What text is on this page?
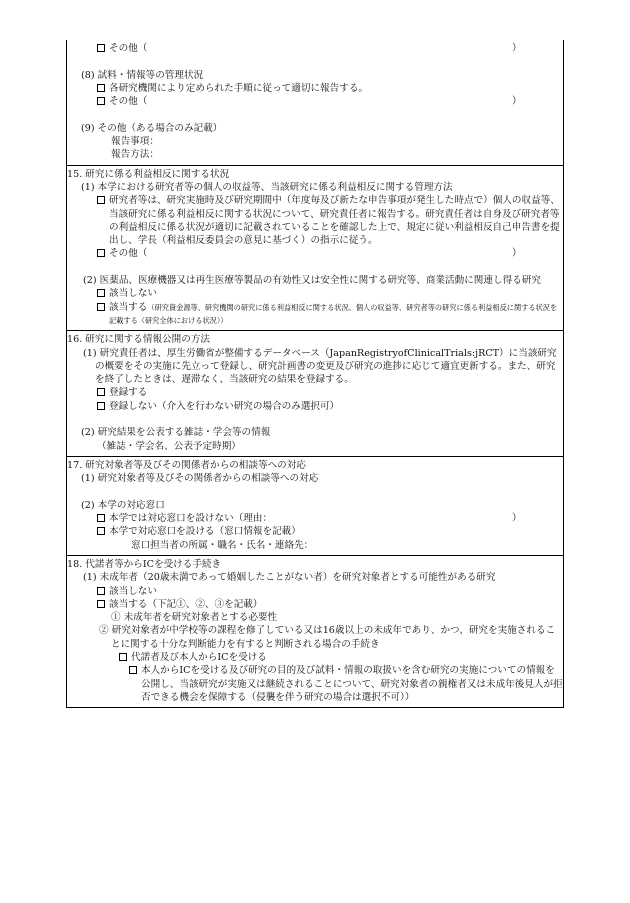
その他（	）
(8) 試料・情報等の管理状況
各研究機関により定められた手順に従って適切に報告する。
その他（	）
(9) その他（ある場合のみ記載）
報告事項：
報告方法：
15. 研究に係る利益相反に関する状況
(1) 本学における研究者等の個人の収益等、当該研究に係る利益相反に関する管理方法
研究者等は、研究実施時及び研究期間中（年度毎及び新たな申告事項が発生した時点で）個人の収益等、当該研究に係る利益相反に関する状況について、研究責任者に報告する。研究責任者は自身及び研究者等の利益相反に係る状況が適切に記載されていることを確認した上で、規定に従い利益相反自己申告書を提出し、学長（利益相反委員会の意見に基づく）の指示に従う。
その他（	）
(2) 医薬品、医療機器又は再生医療等製品の有効性又は安全性に関する研究等、商業活動に関連し得る研究
該当しない
該当する（研究資金源等、研究機関の研究に係る利益相反に関する状況、個人の収益等、研究者等の研究に係る利益相反に関する状況を記載する（研究全体における状況））
16. 研究に関する情報公開の方法
(1) 研究責任者は、厚生労働省が整備するデータベース（JapanRegistryofClinicalTrials:jRCT）に当該研究の概要をその実施に先立って登録し、研究計画書の変更及び研究の進捗に応じて適宜更新する。また、研究を終了したときは、遅滞なく、当該研究の結果を登録する。
登録する
登録しない（介入を行わない研究の場合のみ選択可）
(2) 研究結果を公表する雑誌・学会等の情報
（雑誌・学会名、公表予定時期）
17. 研究対象者等及びその関係者からの相談等への対応
(1) 研究対象者等及びその関係者からの相談等への対応
(2) 本学の対応窓口
本学では対応窓口を設けない（理由：	）
本学で対応窓口を設ける（窓口情報を記載）
窓口担当者の所属・職名・氏名・連絡先：
18. 代諾者等からICを受ける手続き
(1) 未成年者（20歳未満であって婚姻したことがない者）を研究対象者とする可能性がある研究
該当しない
該当する（下記①、②、③を記載）
① 未成年者を研究対象者とする必要性
② 研究対象者が中学校等の課程を修了している又は16歳以上の未成年であり、かつ、研究を実施されることに関する十分な判断能力を有すると判断される場合の手続き
代諾者及び本人からICを受ける
本人からICを受ける及び研究の目的及び試料・情報の取扱いを含む研究の実施についての情報を公開し、当該研究が実施又は継続されることについて、研究対象者の親権者又は未成年後見人が拒否できる機会を保障する（侵襲を伴う研究の場合は選択不可））
